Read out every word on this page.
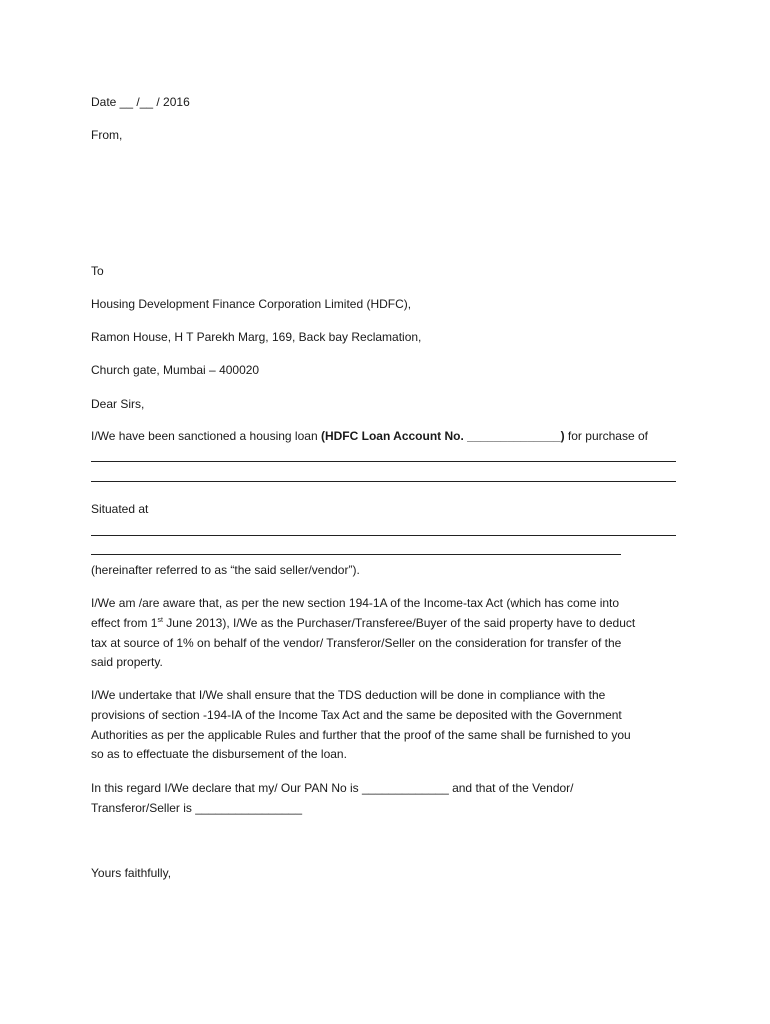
Date __ /__ / 2016
From,
To
Housing Development Finance Corporation Limited (HDFC),
Ramon House, H T Parekh Marg, 169, Back bay Reclamation,
Church gate, Mumbai – 400020
Dear Sirs,
I/We have been sanctioned a housing loan (HDFC Loan Account No. ______________) for purchase of
Situated at
(hereinafter referred to as “the said seller/vendor”).
I/We am /are aware that, as per the new section 194-1A of the Income-tax Act (which has come into
effect from 1st June 2013), I/We as the Purchaser/Transferee/Buyer of the said property have to deduct
tax at source of 1% on behalf of the vendor/ Transferor/Seller on the consideration for transfer of the
said property.
I/We undertake that I/We shall ensure that the TDS deduction will be done in compliance with the
provisions of section -194-IA of the Income Tax Act and the same be deposited with the Government
Authorities as per the applicable Rules and further that the proof of the same shall be furnished to you
so as to effectuate the disbursement of the loan.
In this regard I/We declare that my/ Our PAN No is _____________ and that of the Vendor/
Transferor/Seller is ________________
Yours faithfully,
